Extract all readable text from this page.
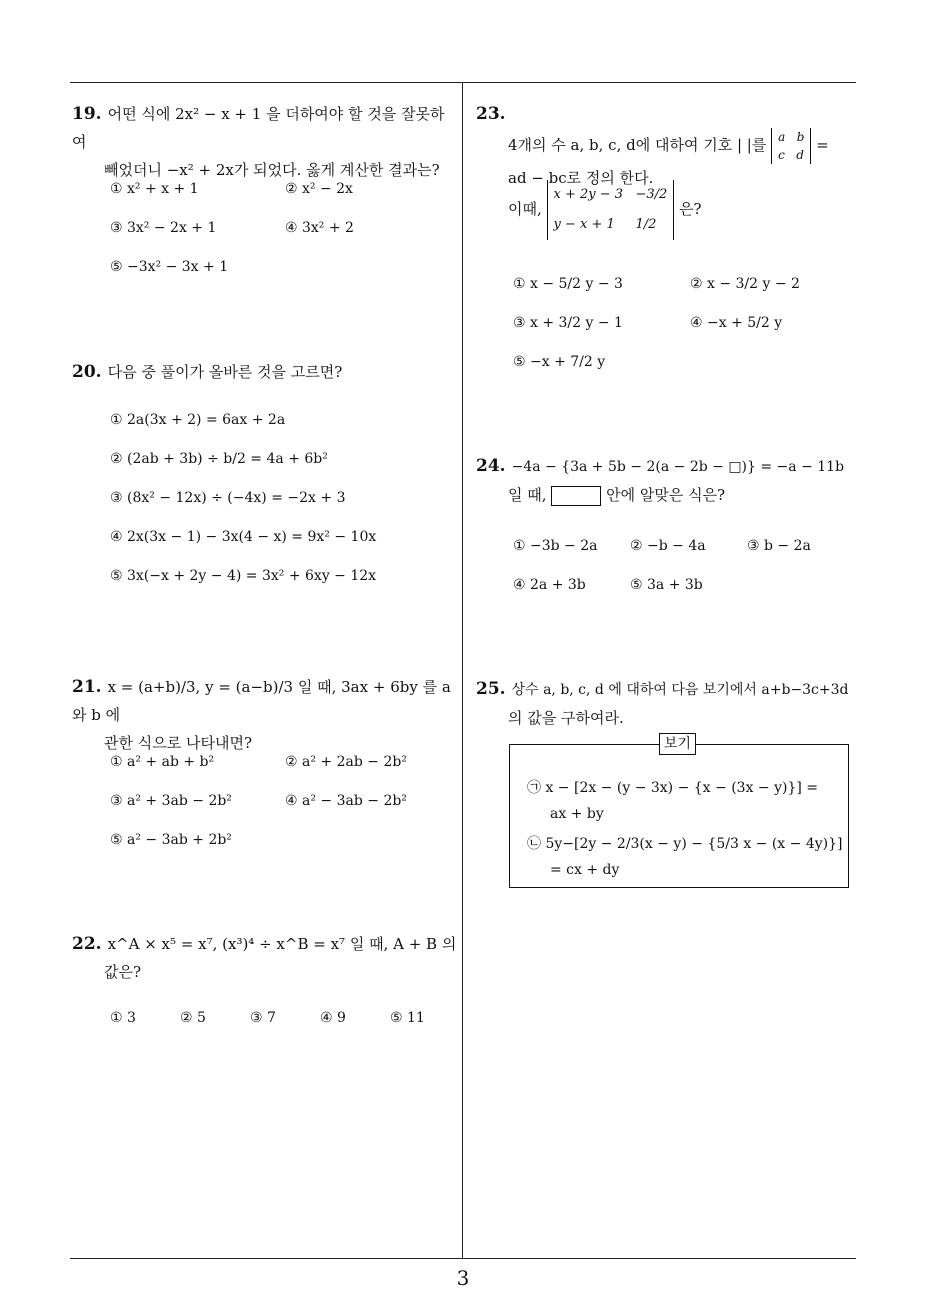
19. 어떤 식에 2x² − x + 1 을 더하여야 할 것을 잘못하여
빼었더니 −x² + 2x가 되었다. 옳게 계산한 결과는?
① x² + x + 1	② x² − 2x
③ 3x² − 2x + 1	④ 3x² + 2
⑤ −3x² − 3x + 1
20. 다음 중 풀이가 올바른 것을 고르면?
① 2a(3x + 2) = 6ax + 2a
② (2ab + 3b) ÷ b/2 = 4a + 6b²
③ (8x² − 12x) ÷ (−4x) = −2x + 3
④ 2x(3x − 1) − 3x(4 − x) = 9x² − 10x
⑤ 3x(−x + 2y − 4) = 3x² + 6xy − 12x
21. x = (a+b)/3, y = (a−b)/3 일 때, 3ax + 6by 를 a 와 b 에
관한 식으로 나타내면?
① a² + ab + b²	② a² + 2ab − 2b²
③ a² + 3ab − 2b²	④ a² − 3ab − 2b²
⑤ a² − 3ab + 2b²
22. x^A × x⁵ = x⁷, (x³)⁴ ÷ x^B = x⁷ 일 때, A + B 의
값은?
① 3	② 5	③ 7	④ 9	⑤ 11
23.
4개의 수 a, b, c, d에 대하여 기호 | |를 a   b
c   d =
ad − bc로 정의 한다.
이때, x + 2y − 3   −3/2
y − x + 1     1/2 은?
① x − 5/2 y − 3	② x − 3/2 y − 2
③ x + 3/2 y − 1	④ −x + 5/2 y
⑤ −x + 7/2 y
24. −4a − {3a + 5b − 2(a − 2b − □)} = −a − 11b
일 때,	안에 알맞은 식은?
① −3b − 2a ② −b − 4a	③ b − 2a
④ 2a + 3b	⑤ 3a + 3b
25. 상수 a, b, c, d 에 대하여 다음 보기에서 a+b−3c+3d
의 값을 구하여라.
보기
㉠ x − [2x − (y − 3x) − {x − (3x − y)}] =
ax + by
㉡ 5y−[2y − 2/3(x − y) − {5/3 x − (x − 4y)}]
= cx + dy
3
